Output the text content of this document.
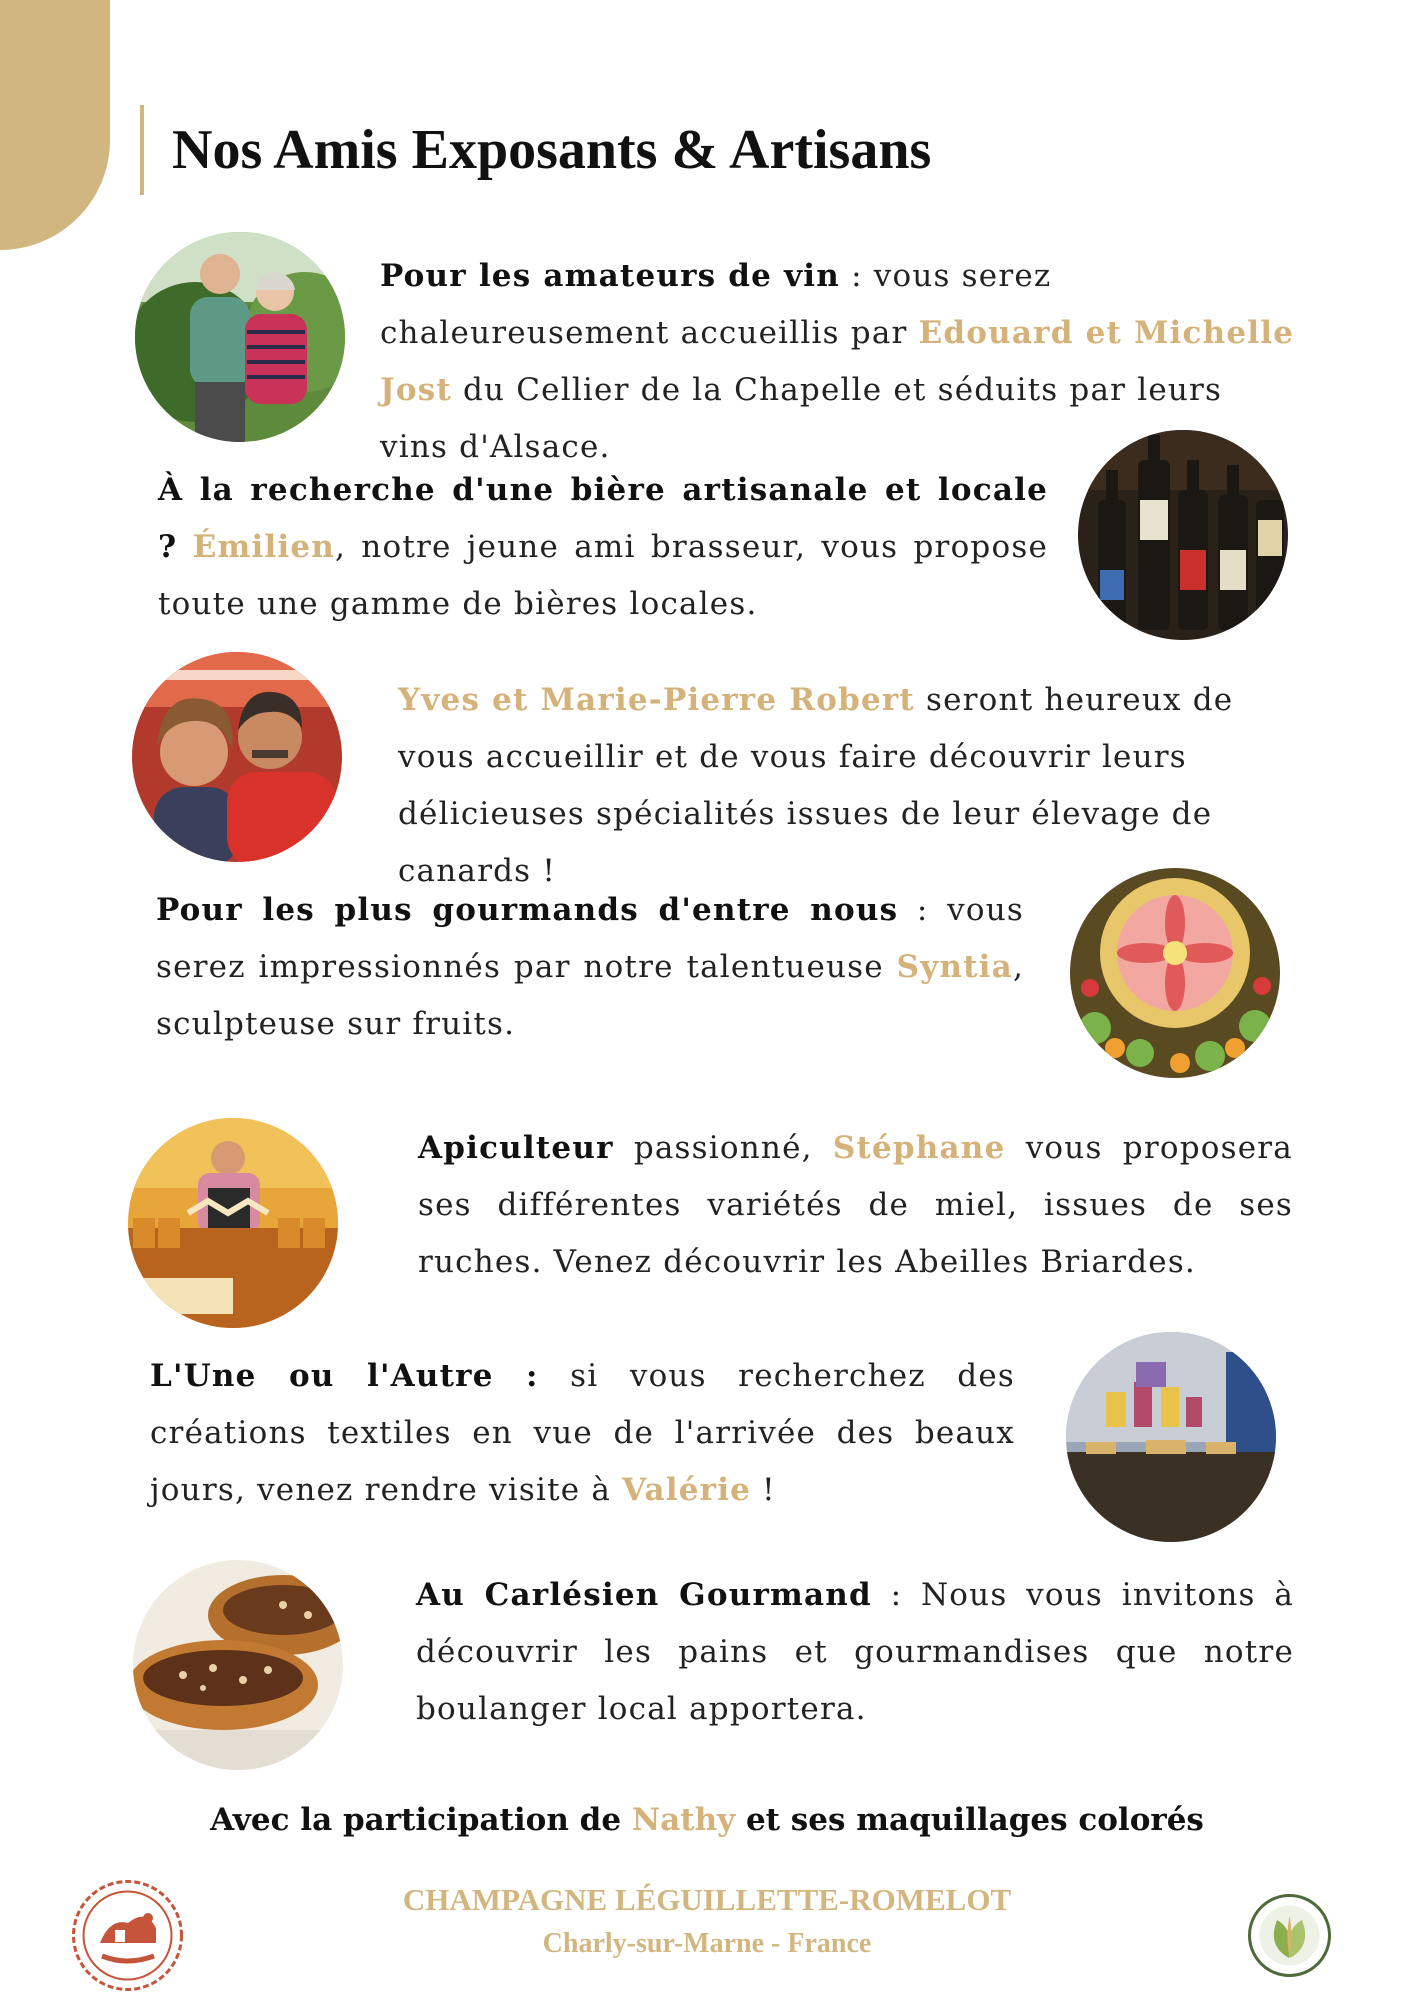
Nos Amis Exposants & Artisans

Pour les amateurs de vin : vous serez chaleureusement accueillis par Edouard et Michelle Jost du Cellier de la Chapelle et séduits par leurs vins d'Alsace.

À la recherche d'une bière artisanale et locale ? Émilien, notre jeune ami brasseur, vous propose toute une gamme de bières locales.

Yves et Marie-Pierre Robert seront heureux de vous accueillir et de vous faire découvrir leurs délicieuses spécialités issues de leur élevage de canards !

Pour les plus gourmands d'entre nous : vous serez impressionnés par notre talentueuse Syntia, sculpteuse sur fruits.

Apiculteur passionné, Stéphane vous proposera ses différentes variétés de miel, issues de ses ruches. Venez découvrir les Abeilles Briardes.

L'Une ou l'Autre : si vous recherchez des créations textiles en vue de l'arrivée des beaux jours, venez rendre visite à Valérie !

Au Carlésien Gourmand : Nous vous invitons à découvrir les pains et gourmandises que notre boulanger local apportera.

Avec la participation de Nathy et ses maquillages colorés

CHAMPAGNE LÉGUILLETTE-ROMELOT

Charly-sur-Marne - France
